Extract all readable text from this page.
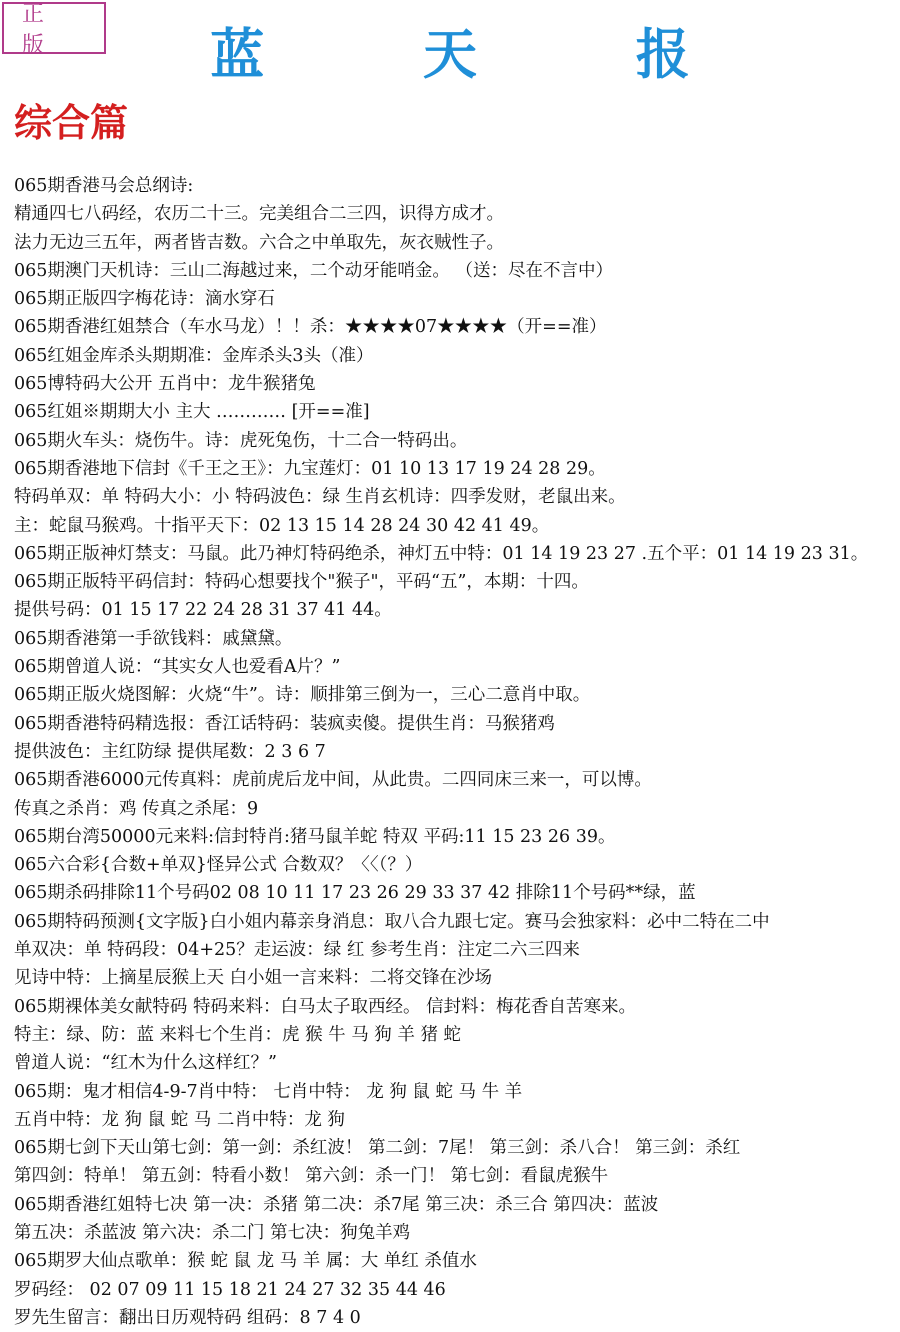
正 版	蓝 天 报
综合篇
065期香港马会总纲诗:
精通四七八码经，农历二十三。完美组合二三四，识得方成才。
法力无边三五年，两者皆吉数。六合之中单取先，灰衣贼性子。
065期澳门天机诗：三山二海越过来，二个动牙能哨金。 （送：尽在不言中）
065期正版四字梅花诗：滴水穿石
065期香港红姐禁合（车水马龙）！！杀：★★★★07★★★★（开==准）
065红姐金库杀头期期准：金库杀头3头（准）
065博特码大公开 五肖中：龙牛猴猪兔
065红姐※期期大小 主大 ………… [开==准]
065期火车头：烧伤牛。诗：虎死兔伤，十二合一特码出。
065期香港地下信封《千王之王》：九宝莲灯：01 10 13 17 19 24 28 29。
特码单双：单 特码大小：小 特码波色：绿 生肖玄机诗：四季发财，老鼠出来。
主：蛇鼠马猴鸡。十指平天下：02 13 15 14 28 24 30 42 41 49。
065期正版神灯禁支：马鼠。此乃神灯特码绝杀，神灯五中特：01 14 19 23 27 .五个平：01 14 19 23 31。
065期正版特平码信封：特码心想要找个"猴子"，平码“五”，本期：十四。
提供号码：01 15 17 22 24 28 31 37 41 44。
065期香港第一手欲钱料：戚黛黛。
065期曾道人说：“其实女人也爱看A片？”
065期正版火烧图解：火烧“牛”。诗：顺排第三倒为一，三心二意肖中取。
065期香港特码精选报：香江话特码：装疯卖傻。提供生肖：马猴猪鸡
提供波色：主红防绿 提供尾数：2 3 6 7
065期香港6000元传真料：虎前虎后龙中间，从此贵。二四同床三来一，可以博。
传真之杀肖：鸡 传真之杀尾：9
065期台湾50000元来料:信封特肖:猪马鼠羊蛇 特双 平码:11 15 23 26 39。
065六合彩{合数+单双}怪异公式 合数双？〈〈（？）
065期杀码排除11个号码02 08 10 11 17 23 26 29 33 37 42 排除11个号码**绿，蓝
065期特码预测{文字版}白小姐内幕亲身消息：取八合九跟七定。赛马会独家料：必中二特在二中
单双决：单 特码段：04+25？走运波：绿 红 参考生肖：注定二六三四来
见诗中特：上摘星辰猴上天 白小姐一言来料：二将交锋在沙场
065期裸体美女献特码 特码来料：白马太子取西经。 信封料：梅花香自苦寒来。
特主：绿、防：蓝 来料七个生肖：虎 猴 牛 马 狗 羊 猪 蛇
曾道人说：“红木为什么这样红？”
065期：鬼才相信4-9-7肖中特： 七肖中特： 龙 狗 鼠 蛇 马 牛 羊
五肖中特：龙 狗 鼠 蛇 马 二肖中特：龙 狗
065期七剑下天山第七剑：第一剑：杀红波！ 第二剑：7尾！ 第三剑：杀八合！ 第三剑：杀红
第四剑：特单！ 第五剑：特看小数！ 第六剑：杀一门！ 第七剑：看鼠虎猴牛
065期香港红姐特七决 第一决：杀猪 第二决：杀7尾 第三决：杀三合 第四决：蓝波
第五决：杀蓝波 第六决：杀二门 第七决：狗兔羊鸡
065期罗大仙点歌单：猴 蛇 鼠 龙 马 羊 属：大 单红 杀值水
罗码经： 02 07 09 11 15 18 21 24 27 32 35 44 46
罗先生留言：翻出日历观特码 组码：8 7 4 0
